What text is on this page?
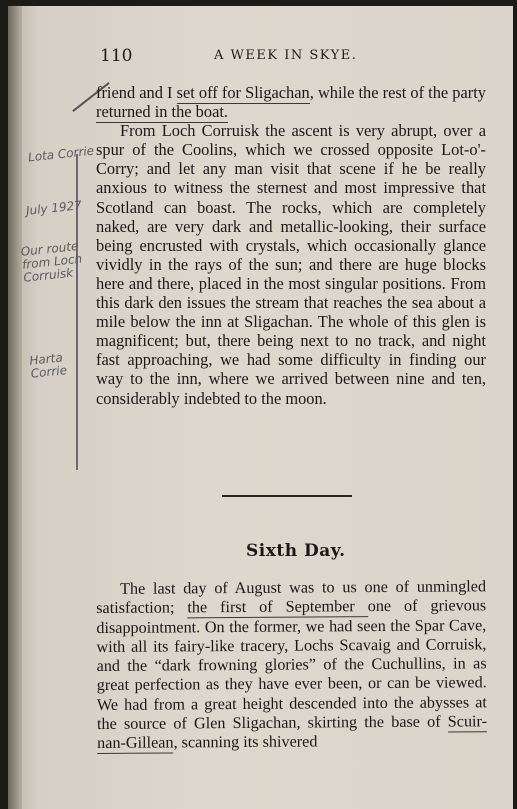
110	A WEEK IN SKYE.
Lota Corrie
July 1927
Our route from Loch Corruisk
Harta Corrie

friend and I set off for Sligachan, while the rest of the party returned in the boat.

From Loch Corruisk the ascent is very abrupt, over a spur of the Coolins, which we crossed opposite Lot-o'-Corry; and let any man visit that scene if he be really anxious to witness the sternest and most impressive that Scotland can boast. The rocks, which are completely naked, are very dark and metallic-looking, their surface being encrusted with crystals, which occasionally glance vividly in the rays of the sun; and there are huge blocks here and there, placed in the most singular positions. From this dark den issues the stream that reaches the sea about a mile below the inn at Sligachan. The whole of this glen is magnificent; but, there being next to no track, and night fast approaching, we had some difficulty in finding our way to the inn, where we arrived between nine and ten, considerably indebted to the moon.

Sixth Day.

The last day of August was to us one of unmingled satisfaction; the first of September one of grievous disappointment. On the former, we had seen the Spar Cave, with all its fairy-like tracery, Lochs Scavaig and Corruisk, and the “dark frowning glories” of the Cuchullins, in as great perfection as they have ever been, or can be viewed. We had from a great height descended into the abysses at the source of Glen Sligachan, skirting the base of Scuir-nan-Gillean, scanning its shivered
